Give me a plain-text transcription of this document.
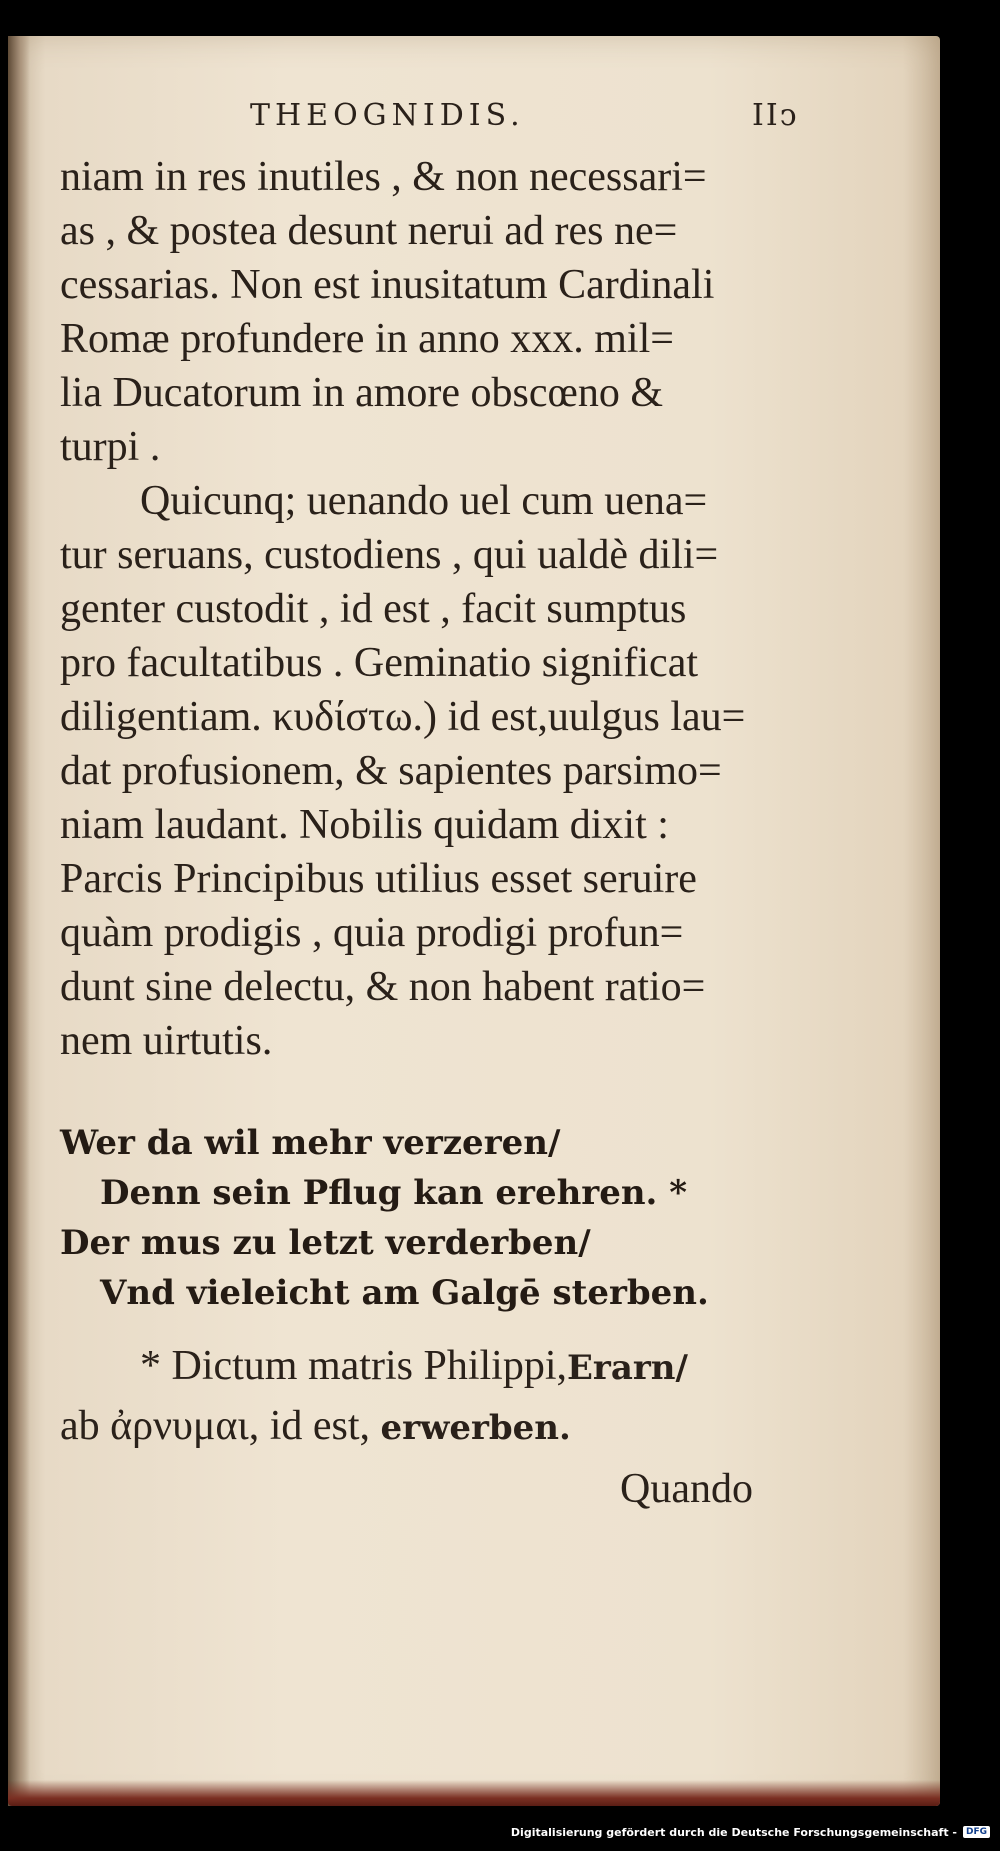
THEOGNIDIS.	IIↄ
niam in res inutiles , & non necessari=
as , & postea desunt nerui ad res ne=
cessarias. Non est inusitatum Cardinali
Romæ profundere in anno xxx. mil=
lia Ducatorum in amore obscœno &
turpi .
Quicunq; uenando uel cum uena=
tur seruans, custodiens , qui ualdè dili=
genter custodit , id est , facit sumptus
pro facultatibus . Geminatio significat
diligentiam. κυδίστω.) id est,uulgus lau=
dat profusionem, & sapientes parsimo=
niam laudant. Nobilis quidam dixit :
Parcis Principibus utilius esset seruire
quàm prodigis , quia prodigi profun=
dunt sine delectu, & non habent ratio=
nem uirtutis.
Wer da wil mehr verzeren/
Denn sein Pflug kan erehren. *
Der mus zu letzt verderben/
Vnd vieleicht am Galgē sterben.
* Dictum matris Philippi,Erarn/
ab ἀρνυμαι, id est, erwerben.
Quando
Digitalisierung gefördert durch die Deutsche Forschungsgemeinschaft -	DFG
